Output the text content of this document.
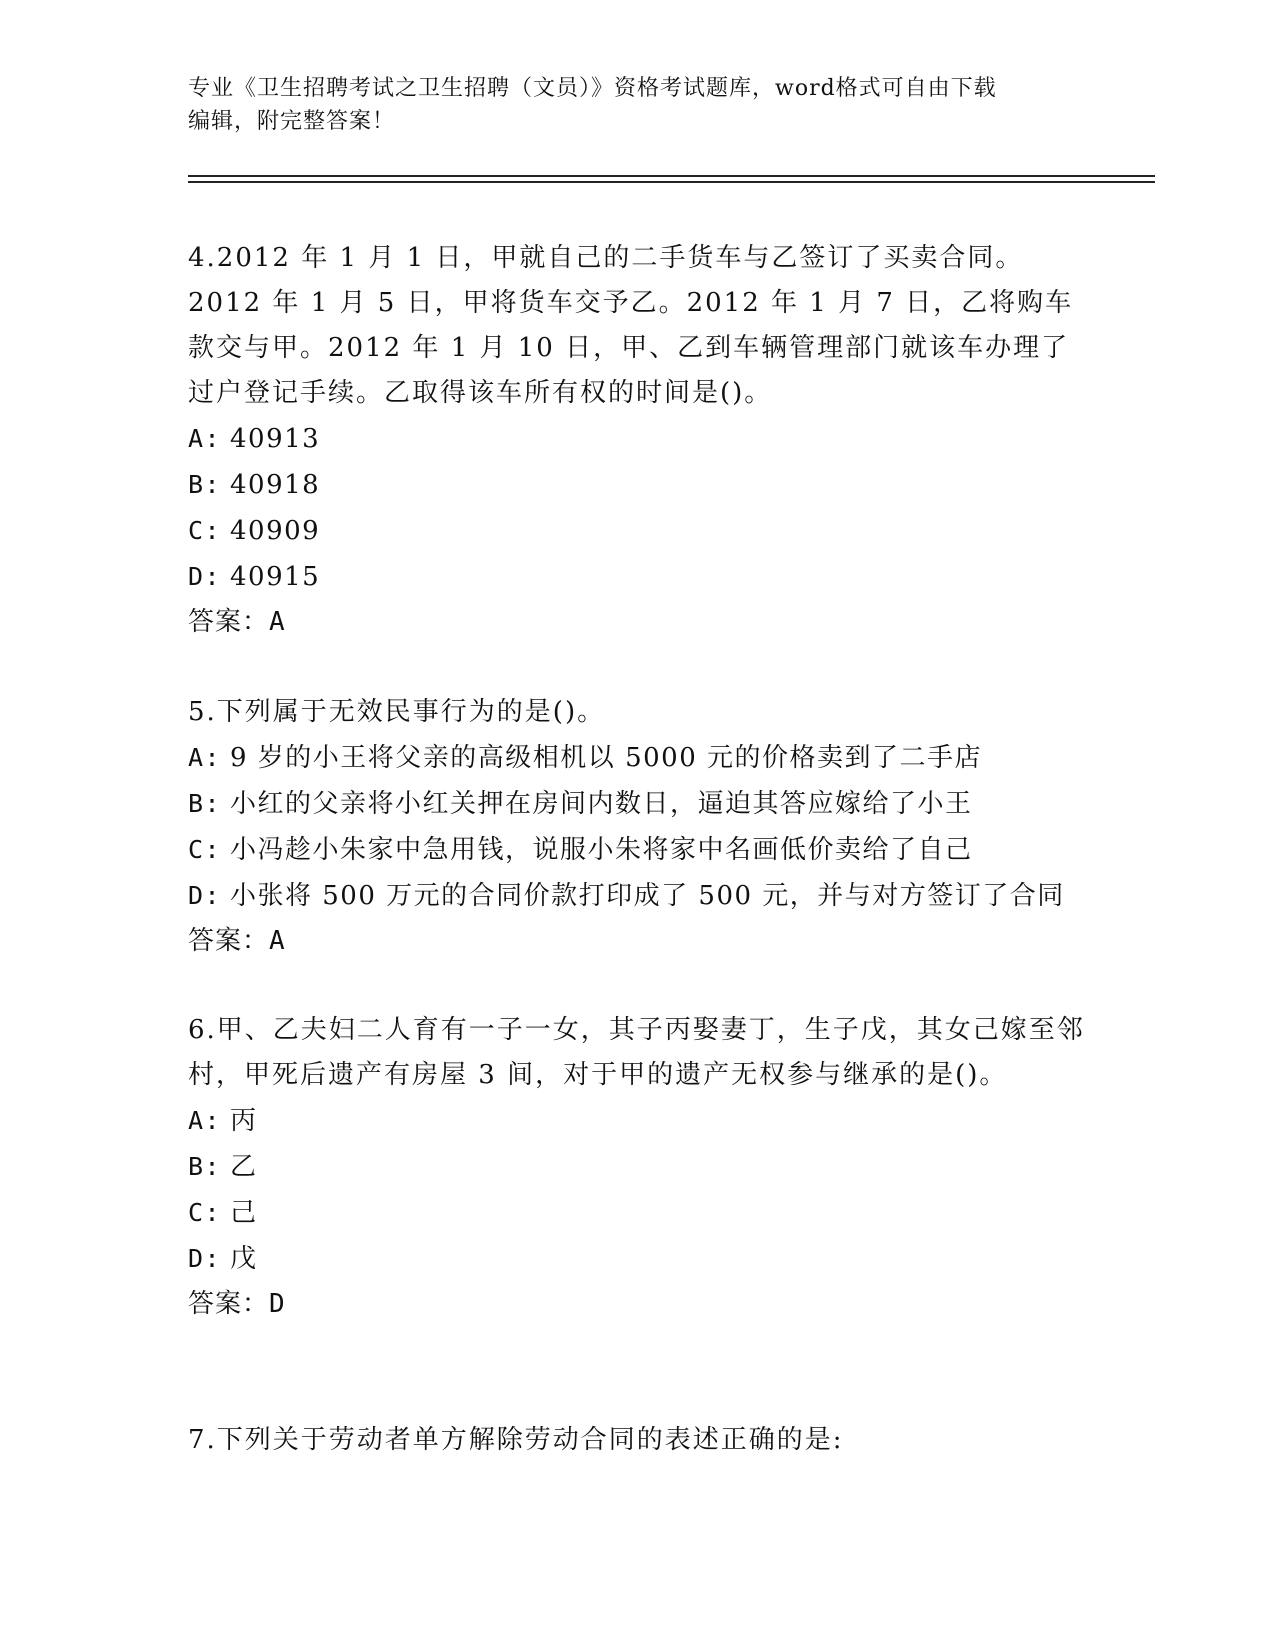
专业《卫生招聘考试之卫生招聘（文员）》资格考试题库，word格式可自由下载
编辑，附完整答案！

4.2012 年 1 月 1 日，甲就自己的二手货车与乙签订了买卖合同。2012 年 1 月 5 日，甲将货车交予乙。2012 年 1 月 7 日，乙将购车款交与甲。2012 年 1 月 10 日，甲、乙到车辆管理部门就该车办理了过户登记手续。乙取得该车所有权的时间是()。

A: 40913
B: 40918
C: 40909
D: 40915

答案：A

5.下列属于无效民事行为的是()。

A: 9 岁的小王将父亲的高级相机以 5000 元的价格卖到了二手店
B: 小红的父亲将小红关押在房间内数日，逼迫其答应嫁给了小王
C: 小冯趁小朱家中急用钱，说服小朱将家中名画低价卖给了自己
D: 小张将 500 万元的合同价款打印成了 500 元，并与对方签订了合同

答案：A

6.甲、乙夫妇二人育有一子一女，其子丙娶妻丁，生子戊，其女己嫁至邻村，甲死后遗产有房屋 3 间，对于甲的遗产无权参与继承的是()。

A: 丙
B: 乙
C: 己
D: 戊

答案：D

7.下列关于劳动者单方解除劳动合同的表述正确的是:
